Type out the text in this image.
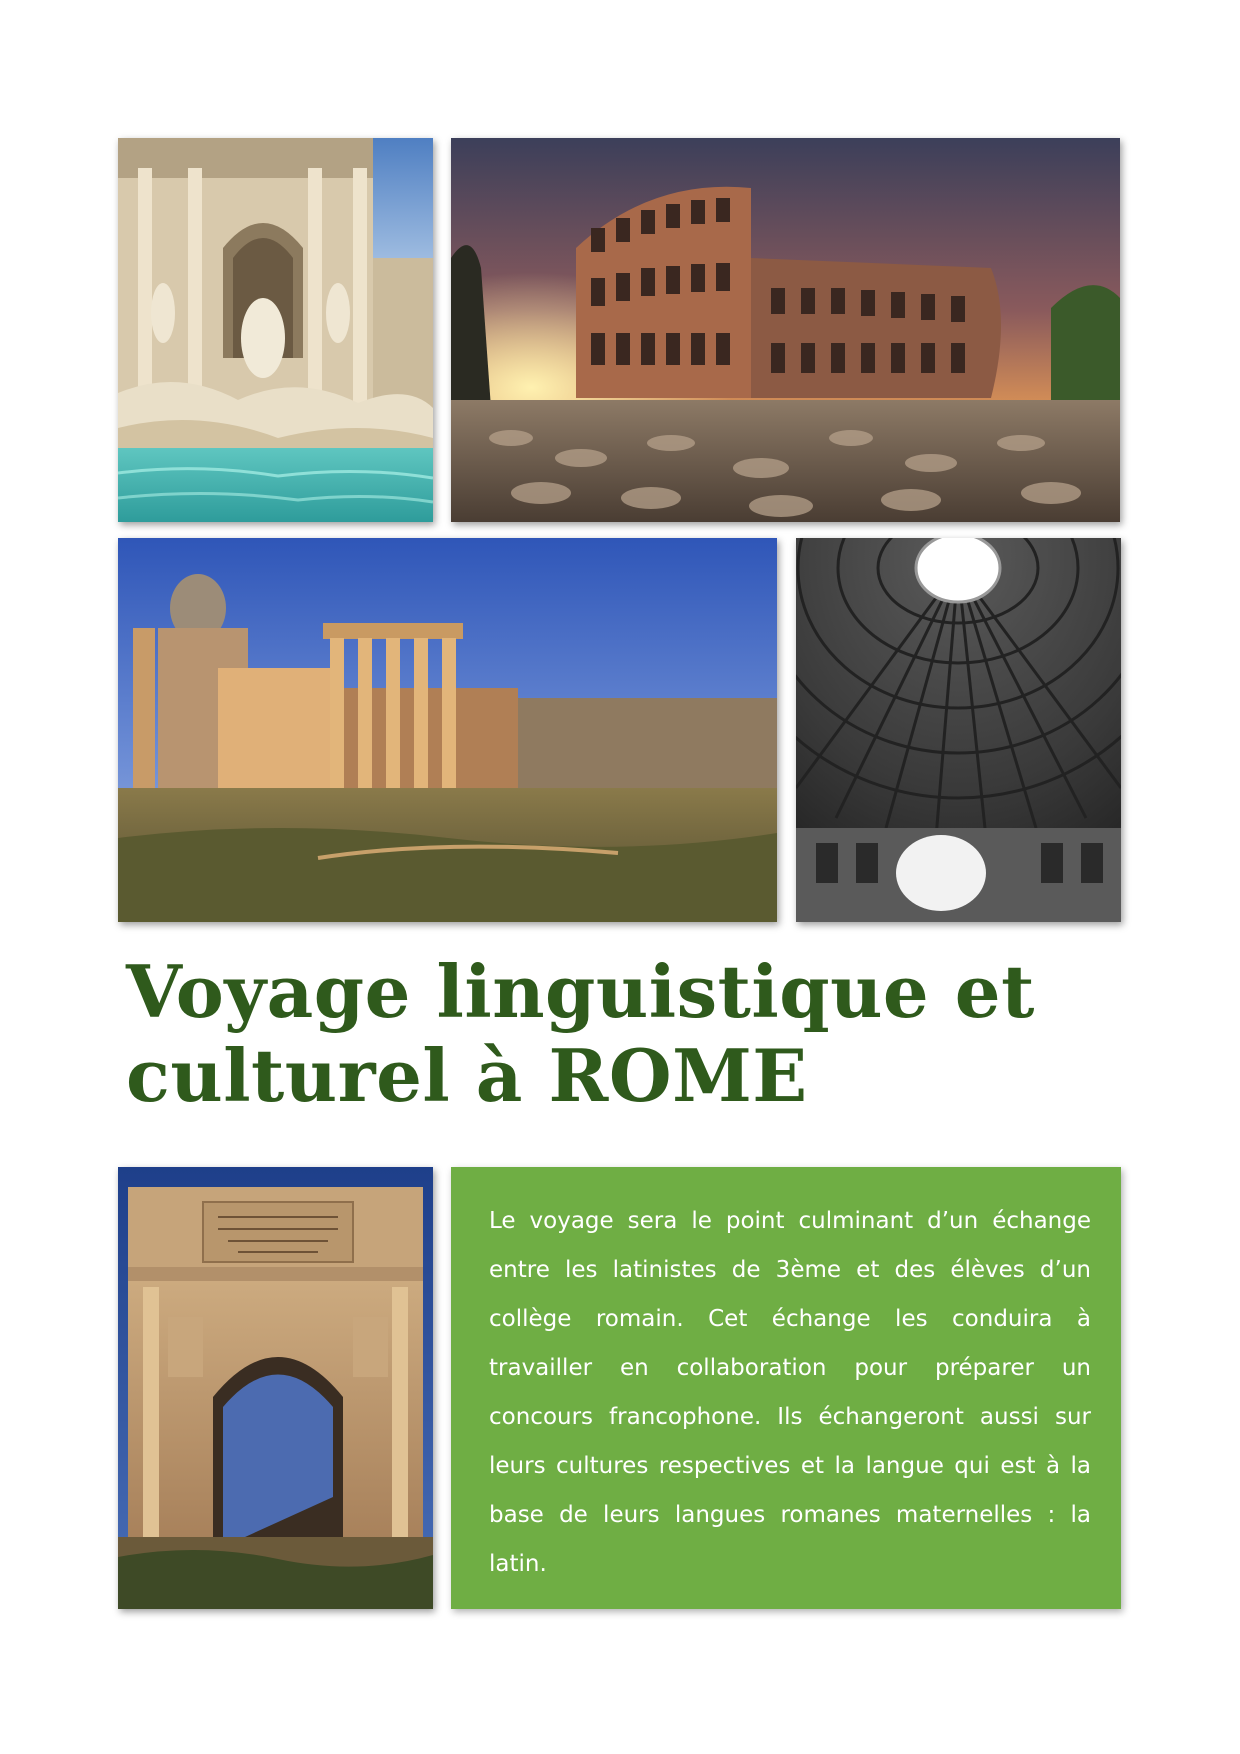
Voyage linguistique et
culturel à ROME

Le voyage sera le point culminant d’un échange entre les latinistes de 3ème et des élèves d’un collège romain. Cet échange les conduira à travailler en collaboration pour préparer un concours francophone. Ils échangeront aussi sur leurs cultures respectives et la langue qui est à la base de leurs langues romanes maternelles : la latin.
